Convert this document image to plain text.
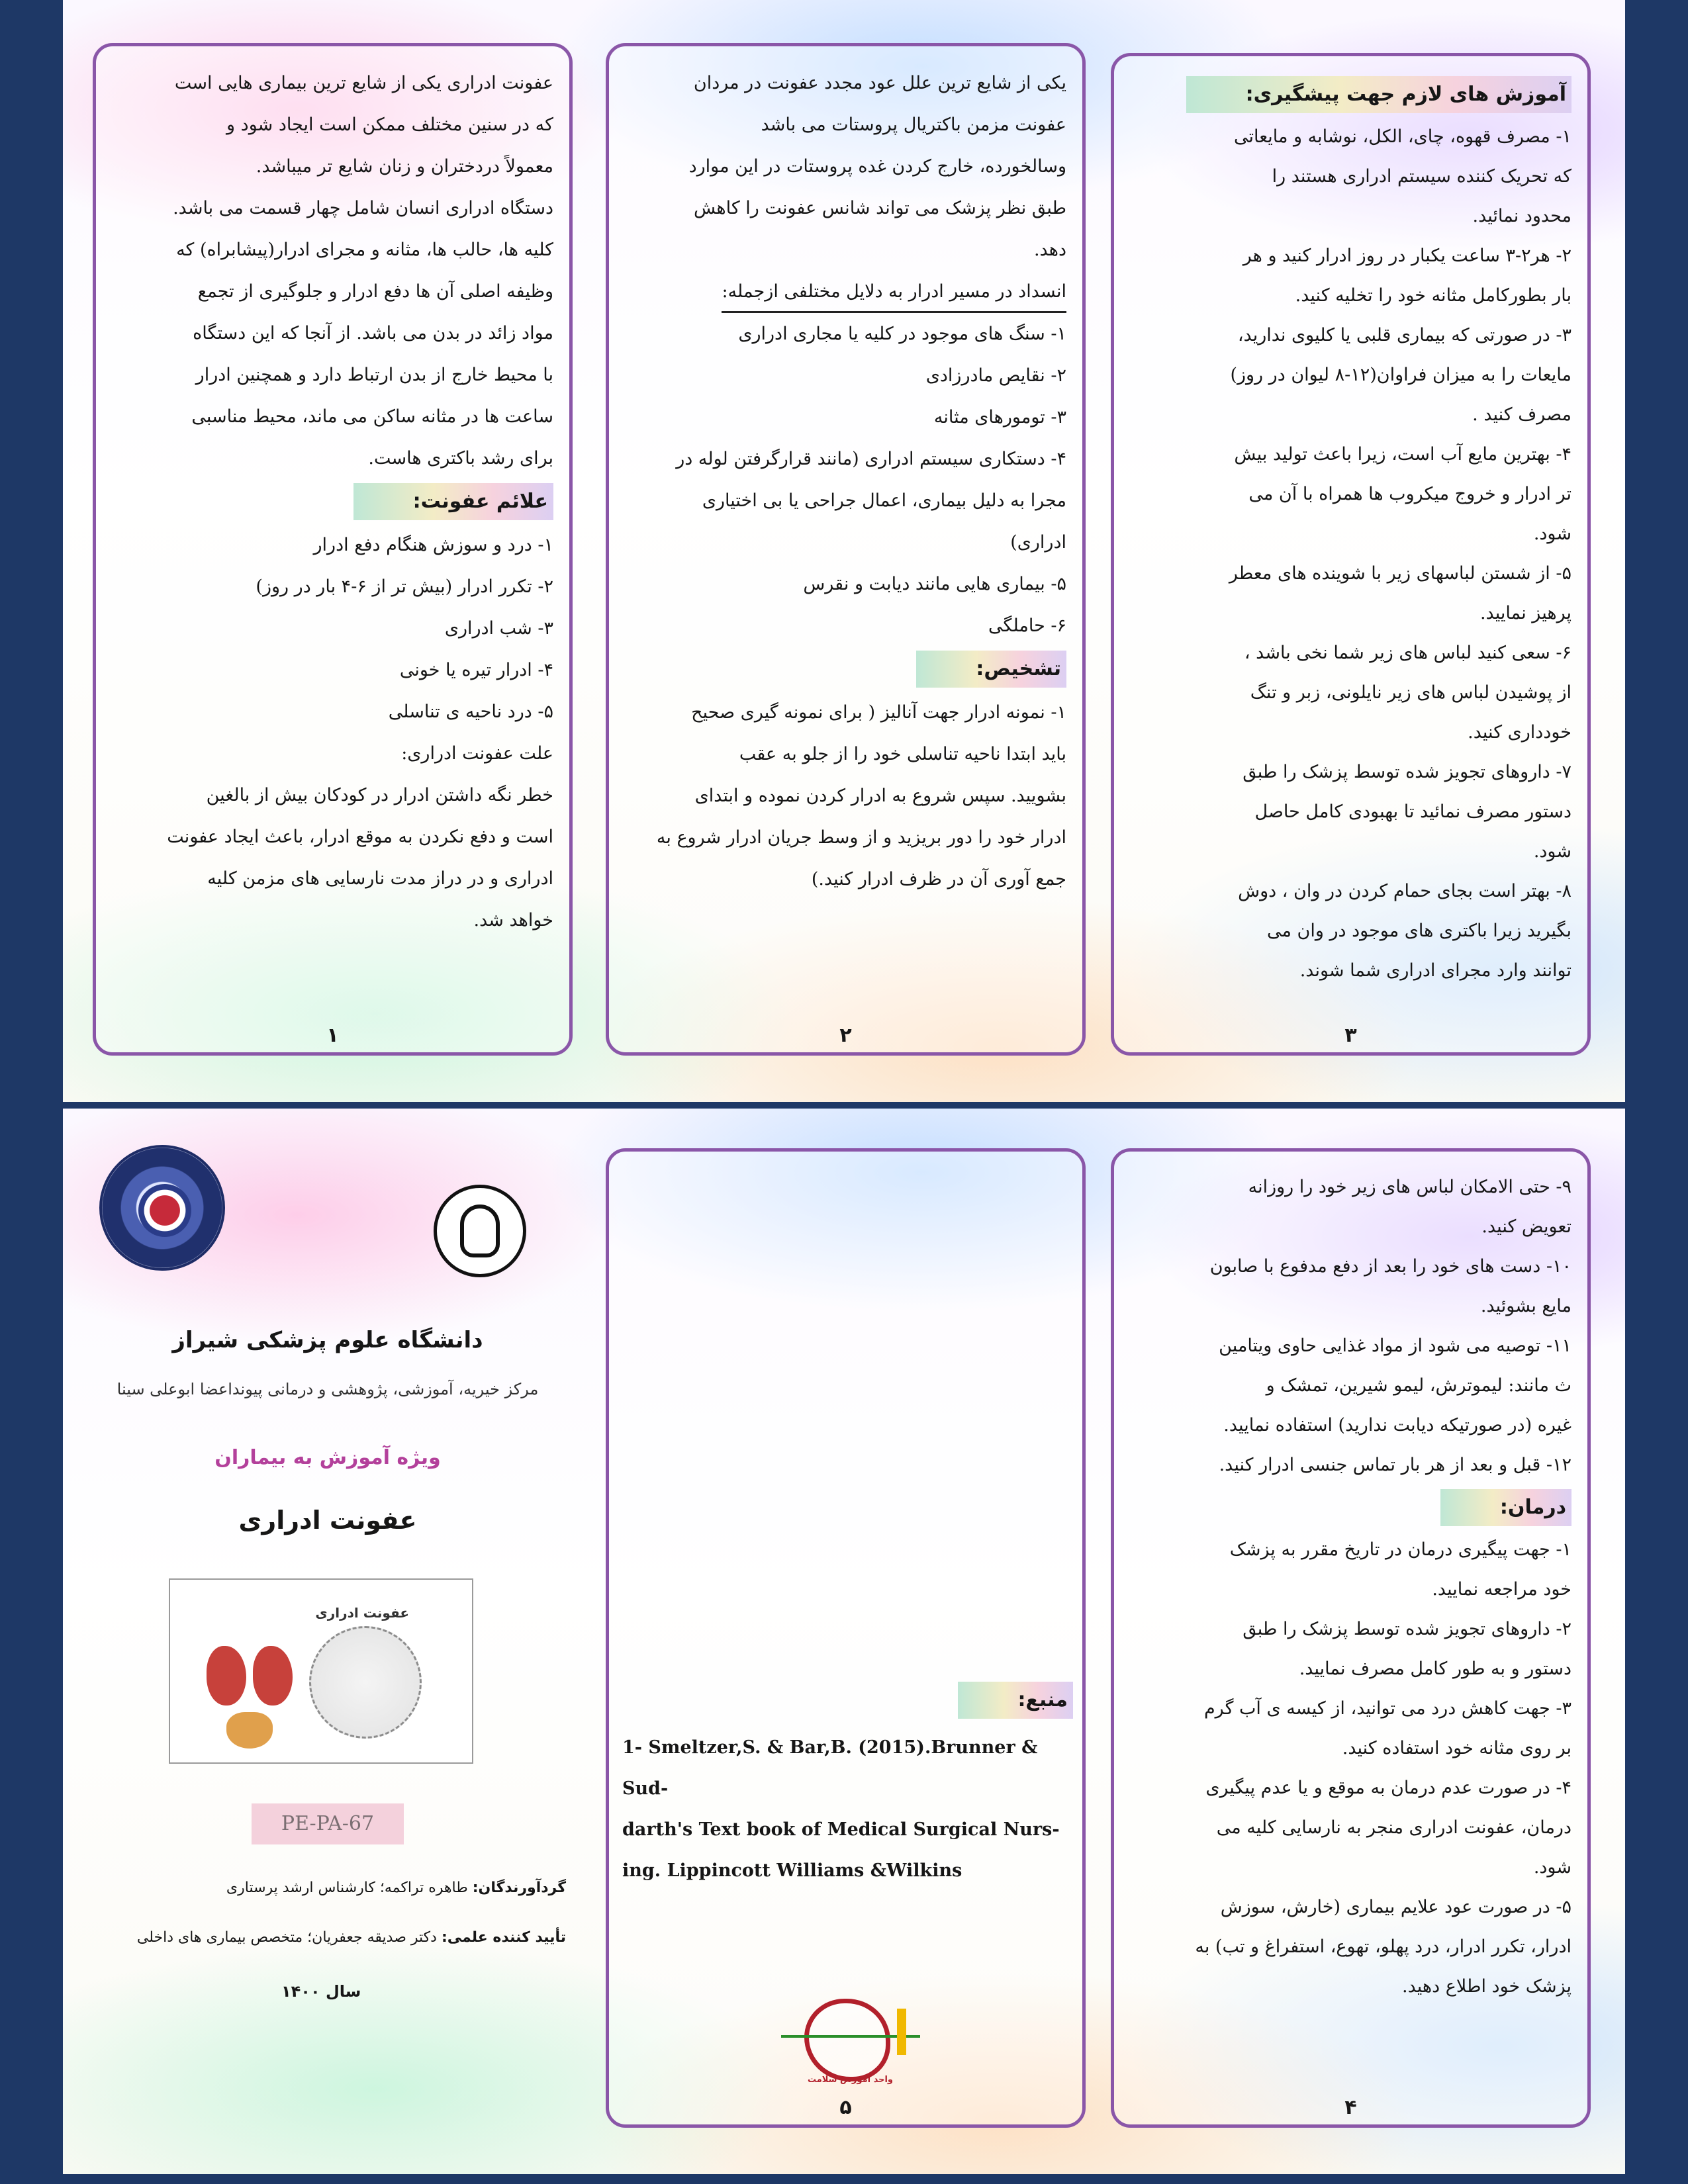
عفونت ادراری یکی از شایع ترین بیماری هایی است

که در سنین مختلف ممکن است ایجاد شود و

معمولاً دردختران و زنان شایع تر میباشد.

دستگاه ادراری انسان شامل چهار قسمت می باشد.

کلیه ها، حالب ها، مثانه و مجرای ادرار(پیشابراه) که

وظیفه اصلی آن ها دفع ادرار و جلوگیری از تجمع

مواد زائد در بدن می باشد. از آنجا که این دستگاه

با محیط خارج از بدن ارتباط دارد و همچنین ادرار

ساعت ها در مثانه ساکن می ماند، محیط مناسبی

برای رشد باکتری هاست.

علائم عفونت:

۱- درد و سوزش هنگام دفع ادرار

۲- تکرر ادرار (بیش تر از ۶-۴ بار در روز)

۳- شب ادراری

۴- ادرار تیره یا خونی

۵- درد ناحیه ی تناسلی

علت عفونت ادراری:

خطر نگه داشتن ادرار در کودکان بیش از بالغین

است و دفع نکردن به موقع ادرار، باعث ایجاد عفونت

ادراری و در دراز مدت نارسایی های مزمن کلیه

خواهد شد.

۱

یکی از شایع ترین علل عود مجدد عفونت در مردان

عفونت مزمن باکتریال پروستات می باشد

وسالخورده، خارج کردن غده پروستات در این موارد

طبق نظر پزشک می تواند شانس عفونت را کاهش

دهد.

انسداد در مسیر ادرار به دلایل مختلفی ازجمله:

۱- سنگ های موجود در کلیه یا مجاری ادراری

۲- نقایص مادرزادی

۳- تومورهای مثانه

۴- دستکاری سیستم ادراری (مانند قرارگرفتن لوله در

مجرا به دلیل بیماری، اعمال جراحی یا بی اختیاری

ادراری)

۵- بیماری هایی مانند دیابت و نقرس

۶- حاملگی

تشخیص:

۱- نمونه ادرار جهت آنالیز ( برای نمونه گیری صحیح

باید ابتدا ناحیه تناسلی خود را از جلو به عقب

بشویید. سپس شروع به ادرار کردن نموده و ابتدای

ادرار خود را دور بریزید و از وسط جریان ادرار شروع به

جمع آوری آن در ظرف ادرار کنید.)

۲
آموزش های لازم جهت پیشگیری:

۱- مصرف قهوه، چای، الکل، نوشابه و مایعاتی

که تحریک کننده سیستم ادراری هستند را

محدود نمائید.

۲- هر۲-۳ ساعت یکبار در روز ادرار کنید و هر

بار بطورکامل مثانه خود را تخلیه کنید.

۳- در صورتی که بیماری قلبی یا کلیوی ندارید،

مایعات را به میزان فراوان(۱۲-۸ لیوان در روز)

مصرف کنید .

۴- بهترین مایع آب است، زیرا باعث تولید بیش

تر ادرار و خروج میکروب ها همراه با آن می

شود.

۵- از شستن لباسهای زیر با شوینده های معطر

پرهیز نمایید.

۶- سعی کنید لباس های زیر شما نخی باشد ،

از پوشیدن لباس های زیر نایلونی، زبر و تنگ

خودداری کنید.

۷- داروهای تجویز شده توسط پزشک را طبق

دستور مصرف نمائید تا بهبودی کامل حاصل

شود.

۸- بهتر است بجای حمام کردن در وان ، دوش

بگیرید زیرا باکتری های موجود در وان می

توانند وارد مجرای ادراری شما شوند.

۳
دانشگاه علوم پزشکی شیراز
مرکز خیریه، آموزشی، پژوهشی و درمانی پیونداعضا ابوعلی سینا
ویژه آموزش به بیماران
عفونت ادراری
عفونت ادراری
PE-PA-67
گردآورندگان: طاهره تراکمه؛ کارشناس ارشد پرستاری
تأیید کننده علمی: دکتر صدیقه جعفریان؛ متخصص بیماری های داخلی
سال ۱۴۰۰
منبع:
1- Smeltzer,S. & Bar,B. (2015).Brunner & Sud-
darth's Text book of Medical Surgical Nurs-
ing. Lippincott Williams &Wilkins
واحد آموزش سلامت
۵

۹- حتی الامکان لباس های زیر خود را روزانه

تعویض کنید.

۱۰- دست های خود را بعد از دفع مدفوع با صابون

مایع بشوئید.

۱۱- توصیه می شود از مواد غذایی حاوی ویتامین

ث مانند: لیموترش، لیمو شیرین، تمشک و

غیره (در صورتیکه دیابت ندارید) استفاده نمایید.

۱۲- قبل و بعد از هر بار تماس جنسی ادرار کنید.

درمان:

۱- جهت پیگیری درمان در تاریخ مقرر به پزشک

خود مراجعه نمایید.

۲- داروهای تجویز شده توسط پزشک را طبق

دستور و به طور کامل مصرف نمایید.

۳- جهت کاهش درد می توانید، از کیسه ی آب گرم

بر روی مثانه خود استفاده کنید.

۴- در صورت عدم درمان به موقع و یا عدم پیگیری

درمان، عفونت ادراری منجر به نارسایی کلیه می

شود.

۵- در صورت عود علایم بیماری (خارش، سوزش

ادرار، تکرر ادرار، درد پهلو، تهوع، استفراغ و تب) به

پزشک خود اطلاع دهید.

۴
